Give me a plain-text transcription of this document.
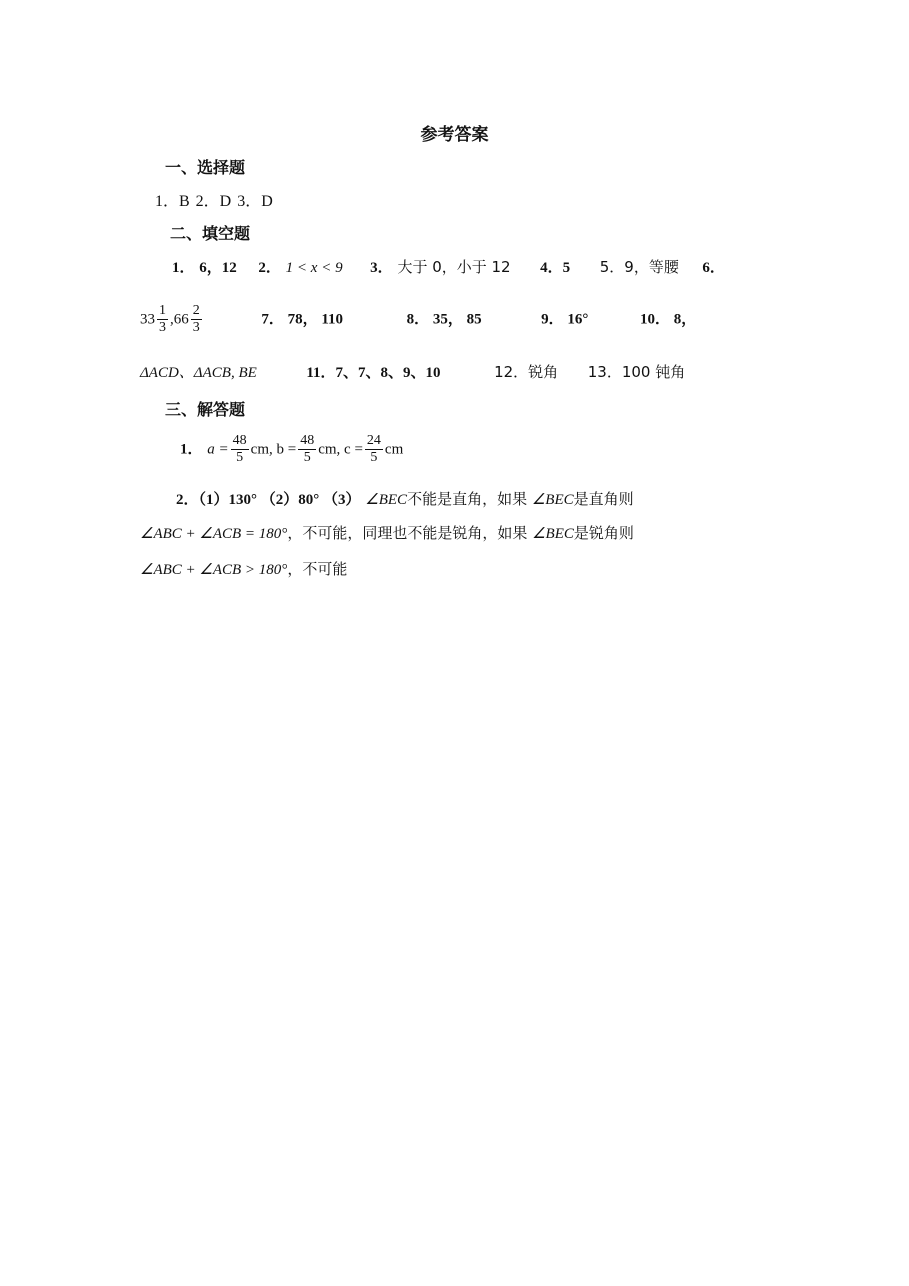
参考答案
一、选择题
1．B 2．D 3．D
二、填空题
1． 6，12 2． 1 < x < 9 3． 大于 0，小于 12 4．5 5．9，等腰 6．
$33 \frac{1}{3} ,66 \frac{2}{3}$	7． 78， 110	8． 35， 85	9． 16°	10． 8，
ΔACD、ΔACB, BE	11．7、7、8、9、10	12．锐角 13．100 钝角
三、解答题
1． $a = \frac{48}{5}$ cm, $b = \frac{48}{5}$ cm, $c = \frac{24}{5}$ cm
2．（1）130° （2）80° （3） ∠BEC不能是直角，如果 ∠BEC是直角则
∠ABC + ∠ACB = 180°，不可能，同理也不能是锐角，如果 ∠BEC是锐角则
∠ABC + ∠ACB > 180°，不可能
